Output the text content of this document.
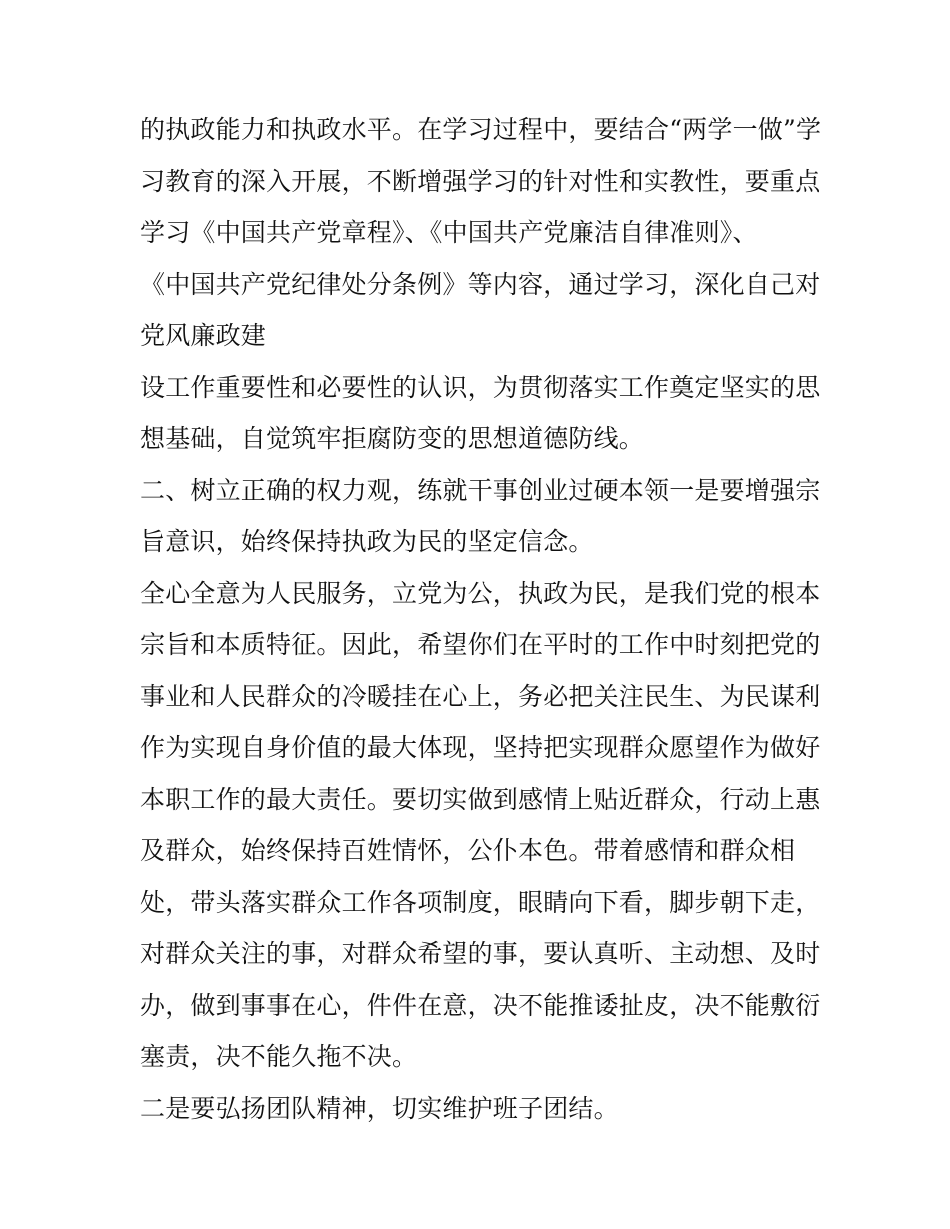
的执政能力和执政水平。在学习过程中，要结合“两学一做”学
习教育的深入开展，不断增强学习的针对性和实教性，要重点
学习《中国共产党章程》、《中国共产党廉洁自律准则》、
《中国共产党纪律处分条例》等内容，通过学习，深化自己对
党风廉政建
设工作重要性和必要性的认识，为贯彻落实工作奠定坚实的思
想基础，自觉筑牢拒腐防变的思想道德防线。
二、树立正确的权力观，练就干事创业过硬本领一是要增强宗
旨意识，始终保持执政为民的坚定信念。
全心全意为人民服务，立党为公，执政为民，是我们党的根本
宗旨和本质特征。因此，希望你们在平时的工作中时刻把党的
事业和人民群众的冷暖挂在心上，务必把关注民生、为民谋利
作为实现自身价值的最大体现，坚持把实现群众愿望作为做好
本职工作的最大责任。要切实做到感情上贴近群众，行动上惠
及群众，始终保持百姓情怀，公仆本色。带着感情和群众相
处，带头落实群众工作各项制度，眼睛向下看，脚步朝下走，
对群众关注的事，对群众希望的事，要认真听、主动想、及时
办，做到事事在心，件件在意，决不能推诿扯皮，决不能敷衍
塞责，决不能久拖不决。
二是要弘扬团队精神，切实维护班子团结。
